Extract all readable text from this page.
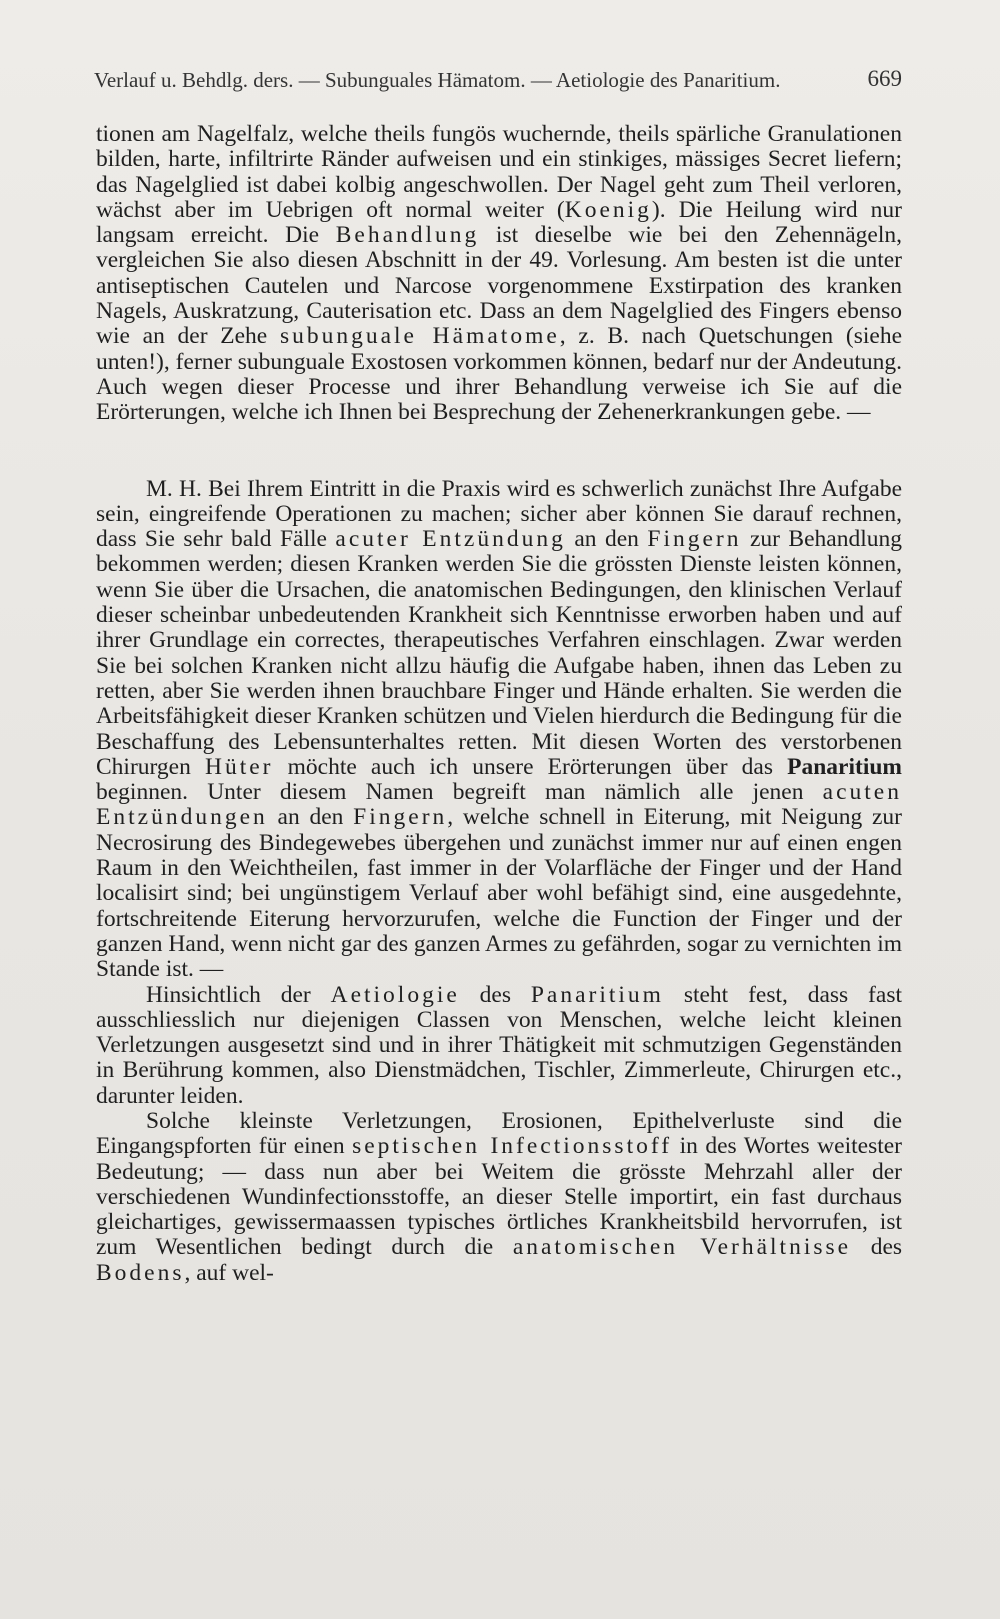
Verlauf u. Behdlg. ders. — Subunguales Hämatom. — Aetiologie des Panaritium.	669

tionen am Nagelfalz, welche theils fungös wuchernde, theils spärliche Granulationen bilden, harte, infiltrirte Ränder aufweisen und ein stinkiges, mässiges Secret liefern; das Nagelglied ist dabei kolbig angeschwollen. Der Nagel geht zum Theil verloren, wächst aber im Uebrigen oft normal weiter (Koenig). Die Heilung wird nur langsam erreicht. Die Behandlung ist dieselbe wie bei den Zehennägeln, vergleichen Sie also diesen Abschnitt in der 49. Vorlesung. Am besten ist die unter antiseptischen Cautelen und Narcose vorgenommene Exstirpation des kranken Nagels, Auskratzung, Cauterisation etc. Dass an dem Nagelglied des Fingers ebenso wie an der Zehe subunguale Hämatome, z. B. nach Quetschungen (siehe unten!), ferner subunguale Exostosen vorkommen können, bedarf nur der Andeutung. Auch wegen dieser Processe und ihrer Behandlung verweise ich Sie auf die Erörterungen, welche ich Ihnen bei Besprechung der Zehenerkrankungen gebe. —

M. H. Bei Ihrem Eintritt in die Praxis wird es schwerlich zunächst Ihre Aufgabe sein, eingreifende Operationen zu machen; sicher aber können Sie darauf rechnen, dass Sie sehr bald Fälle acuter Entzündung an den Fingern zur Behandlung bekommen werden; diesen Kranken werden Sie die grössten Dienste leisten können, wenn Sie über die Ursachen, die anatomischen Bedingungen, den klinischen Verlauf dieser scheinbar unbedeutenden Krankheit sich Kenntnisse erworben haben und auf ihrer Grundlage ein correctes, therapeutisches Verfahren einschlagen. Zwar werden Sie bei solchen Kranken nicht allzu häufig die Aufgabe haben, ihnen das Leben zu retten, aber Sie werden ihnen brauchbare Finger und Hände erhalten. Sie werden die Arbeitsfähigkeit dieser Kranken schützen und Vielen hierdurch die Bedingung für die Beschaffung des Lebensunterhaltes retten. Mit diesen Worten des verstorbenen Chirurgen Hüter möchte auch ich unsere Erörterungen über das Panaritium beginnen. Unter diesem Namen begreift man nämlich alle jenen acuten Entzündungen an den Fingern, welche schnell in Eiterung, mit Neigung zur Necrosirung des Bindegewebes übergehen und zunächst immer nur auf einen engen Raum in den Weichtheilen, fast immer in der Volarfläche der Finger und der Hand localisirt sind; bei ungünstigem Verlauf aber wohl befähigt sind, eine ausgedehnte, fortschreitende Eiterung hervorzurufen, welche die Function der Finger und der ganzen Hand, wenn nicht gar des ganzen Armes zu gefährden, sogar zu vernichten im Stande ist. —

Hinsichtlich der Aetiologie des Panaritium steht fest, dass fast ausschliesslich nur diejenigen Classen von Menschen, welche leicht kleinen Verletzungen ausgesetzt sind und in ihrer Thätigkeit mit schmutzigen Gegenständen in Berührung kommen, also Dienstmädchen, Tischler, Zimmerleute, Chirurgen etc., darunter leiden.

Solche kleinste Verletzungen, Erosionen, Epithelverluste sind die Eingangspforten für einen septischen Infectionsstoff in des Wortes weitester Bedeutung; — dass nun aber bei Weitem die grösste Mehrzahl aller der verschiedenen Wundinfectionsstoffe, an dieser Stelle importirt, ein fast durchaus gleichartiges, gewissermaassen typisches örtliches Krankheitsbild hervorrufen, ist zum Wesentlichen bedingt durch die anatomischen Verhältnisse des Bodens, auf wel-
